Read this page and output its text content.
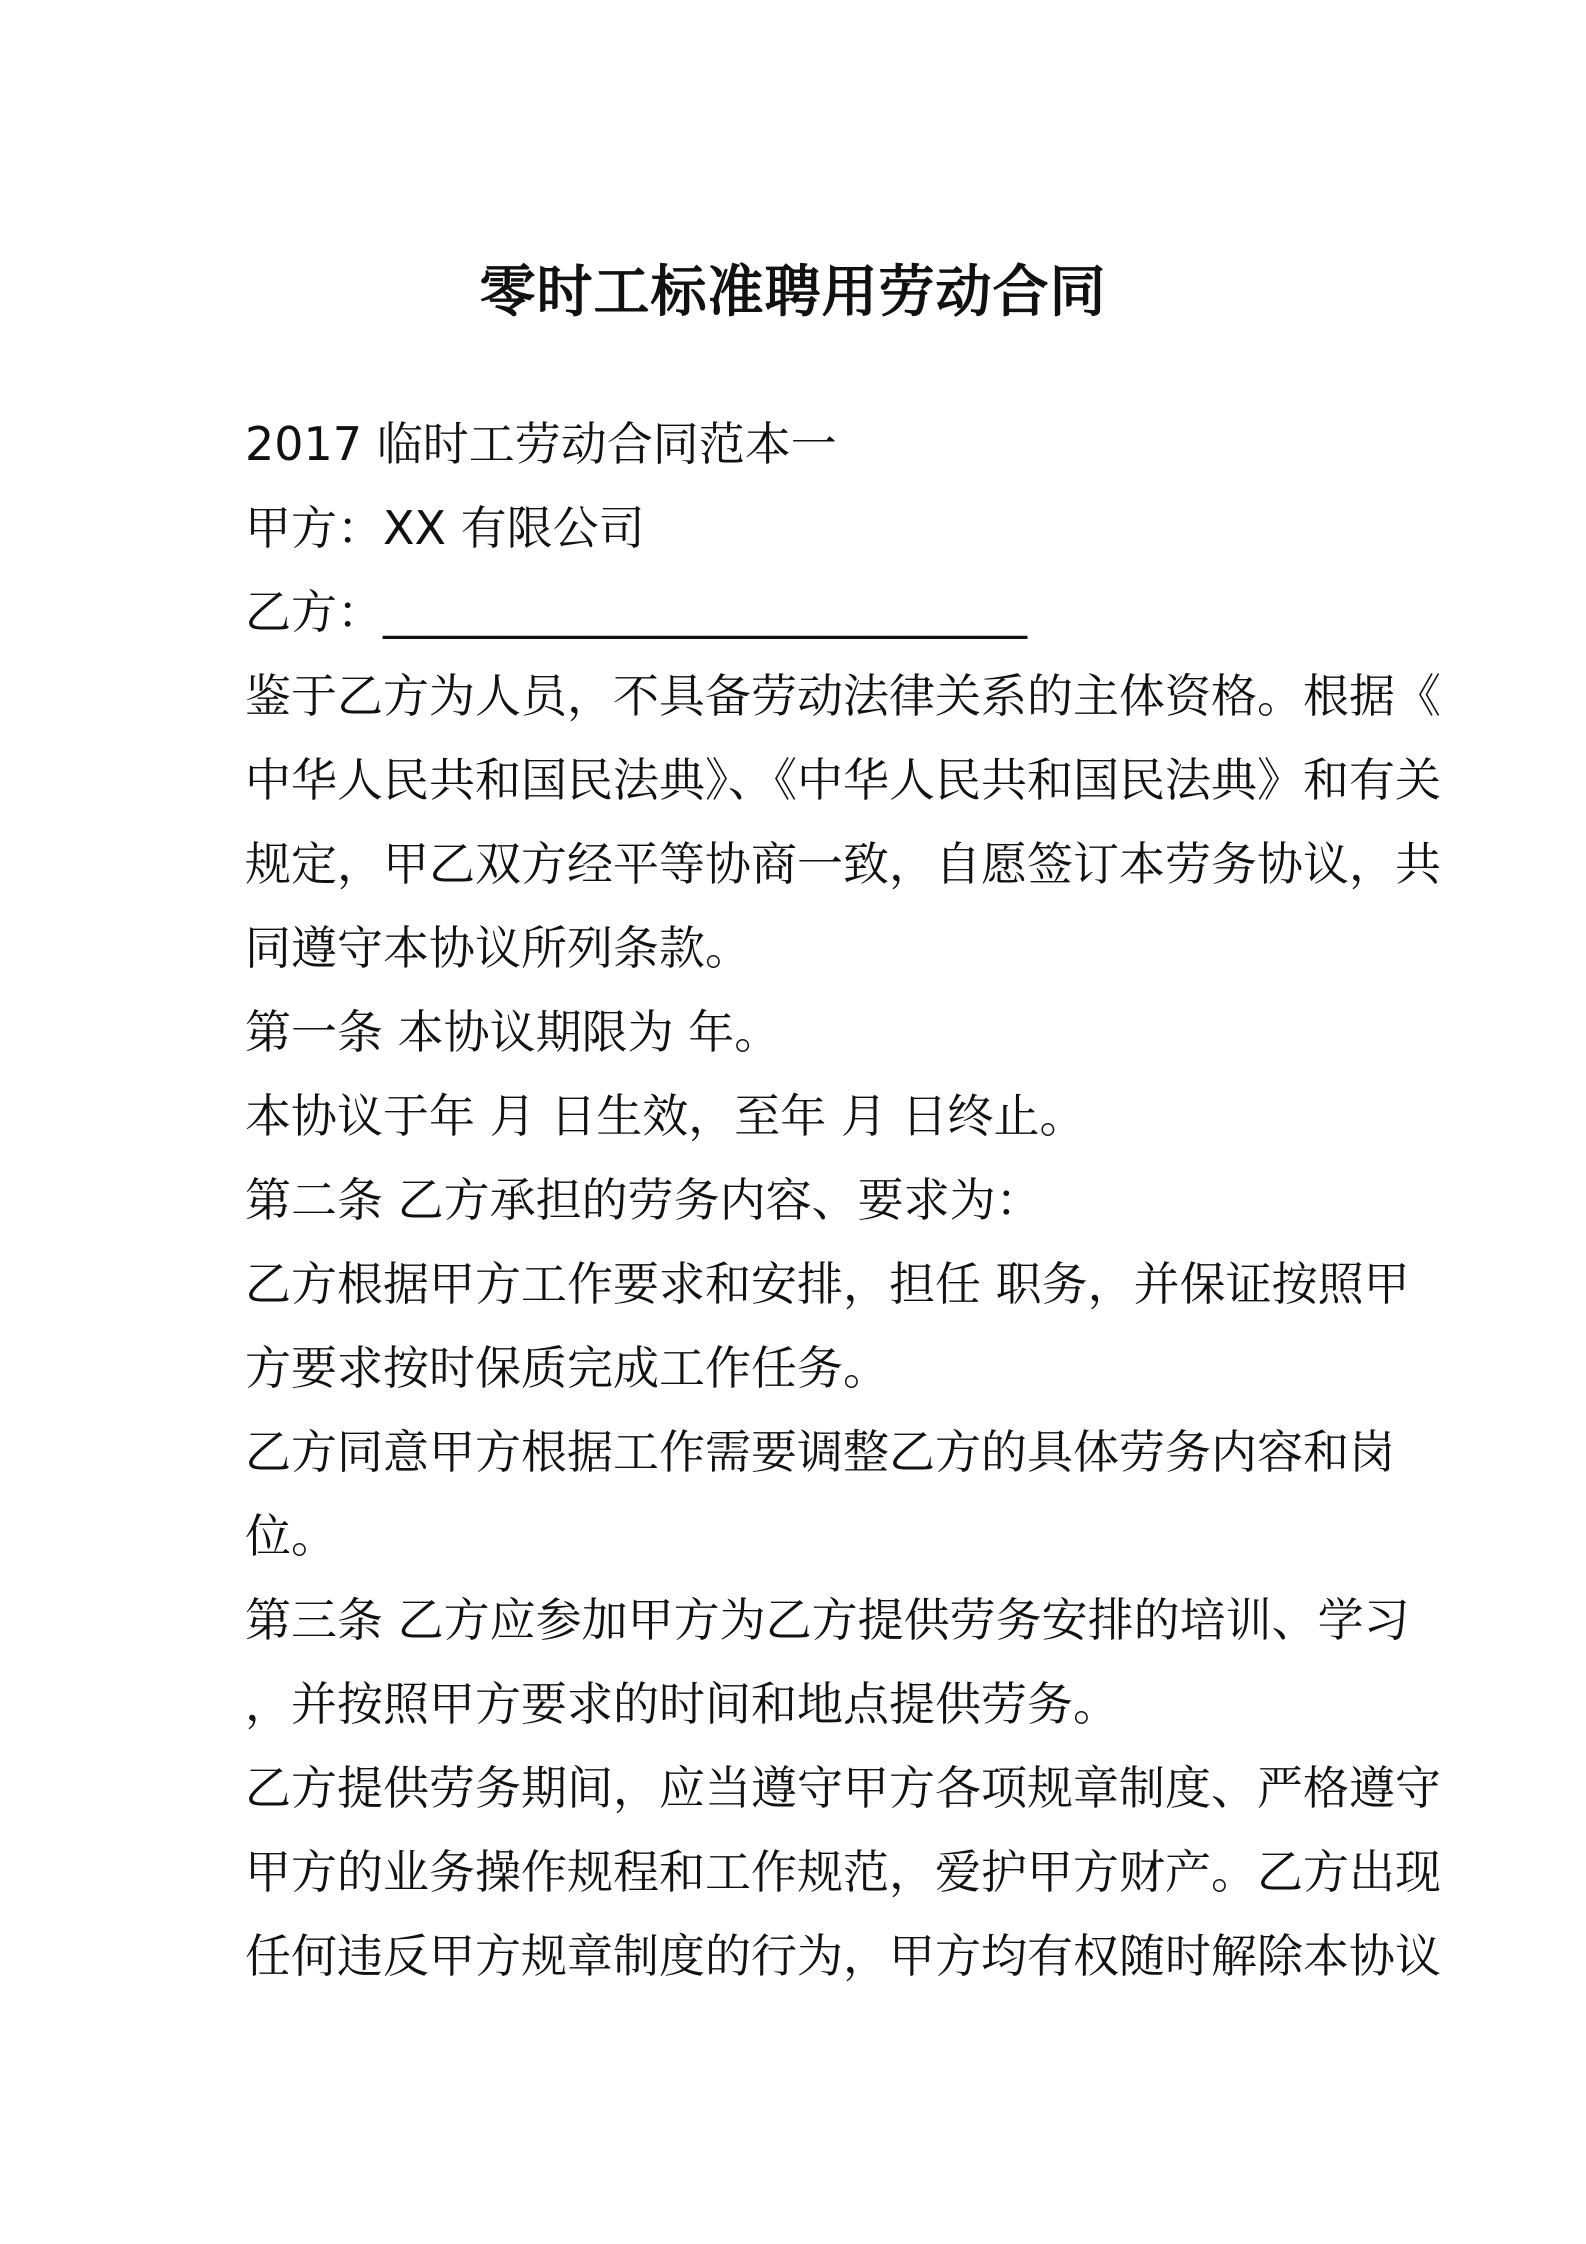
零时工标准聘用劳动合同
2017 临时工劳动合同范本一
甲方：XX 有限公司
乙方：____________________________
鉴于乙方为人员，不具备劳动法律关系的主体资格。根据《
中华人民共和国民法典》、《中华人民共和国民法典》和有关
规定，甲乙双方经平等协商一致，自愿签订本劳务协议，共
同遵守本协议所列条款。
第一条 本协议期限为 年。
本协议于年 月 日生效，至年 月 日终止。
第二条 乙方承担的劳务内容、要求为：
乙方根据甲方工作要求和安排，担任 职务，并保证按照甲
方要求按时保质完成工作任务。
乙方同意甲方根据工作需要调整乙方的具体劳务内容和岗
位。
第三条 乙方应参加甲方为乙方提供劳务安排的培训、学习
，并按照甲方要求的时间和地点提供劳务。
乙方提供劳务期间，应当遵守甲方各项规章制度、严格遵守
甲方的业务操作规程和工作规范，爱护甲方财产。乙方出现
任何违反甲方规章制度的行为，甲方均有权随时解除本协议
